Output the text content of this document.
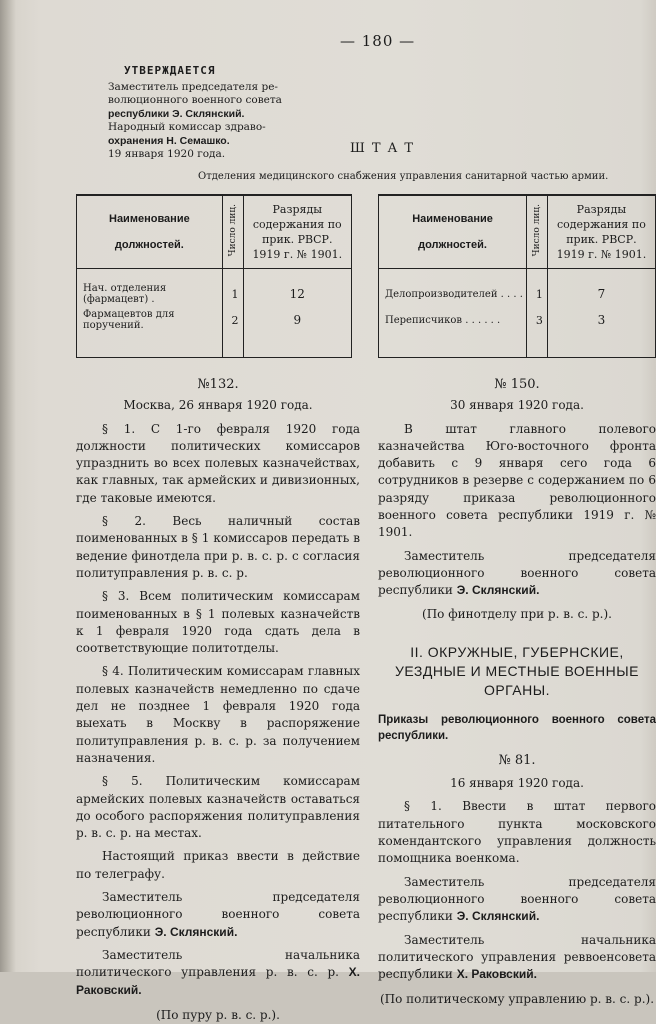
— 180 —
УТВЕРЖДАЕТСЯ
Заместитель председателя ре-
волюционного военного совета
республики Э. Склянский.
Народный комиссар здраво-
охранения Н. Семашко.
19 января 1920 года.	ШТАТ
Отделения медицинского снабжения управления санитарной частью армии.
Наименование должностей.	Число лиц.	Разряды содержания по прик. РВСР. 1919 г. № 1901.

Нач. отделения (фармацевт) .	1	12
Фармацевтов для поручений.	2	9

Наименование должностей.	Число лиц.	Разряды содержания по прик. РВСР. 1919 г. № 1901.

Делопроизводителей . . . .	1	7
Переписчиков . . . . . .	3	3

№132.

Москва, 26 января 1920 года.

§ 1. С 1-го февраля 1920 года должности политических комиссаров упразднить во всех полевых казначействах, как главных, так армейских и дивизионных, где таковые имеются.

§ 2. Весь наличный состав поименованных в § 1 комиссаров передать в ведение финотдела при р. в. с. р. с согласия политуправления р. в. с. р.

§ 3. Всем политическим комиссарам поименованных в § 1 полевых казначейств к 1 февраля 1920 года сдать дела в соответствующие политотделы.

§ 4. Политическим комиссарам главных полевых казначейств немедленно по сдаче дел не позднее 1 февраля 1920 года выехать в Москву в распоряжение политуправления р. в. с. р. за получением назначения.

§ 5. Политическим комиссарам армейских полевых казначейств оставаться до особого распоряжения политуправления р. в. с. р. на местах.

Настоящий приказ ввести в действие по телеграфу.

Заместитель председателя революционного военного совета республики Э. Склянский.

Заместитель начальника политического управления р. в. с. р. Х. Раковский.

(По пуру р. в. с. р.).

№ 150.

30 января 1920 года.

В штат главного полевого казначейства Юго-восточного фронта добавить с 9 января сего года 6 сотрудников в резерве с содержанием по 6 разряду приказа революционного военного совета республики 1919 г. № 1901.

Заместитель председателя революционного военного совета республики Э. Склянский.

(По финотделу при р. в. с. р.).

II. ОКРУЖНЫЕ, ГУБЕРНСКИЕ, УЕЗДНЫЕ И МЕСТНЫЕ ВОЕННЫЕ ОРГАНЫ.

Приказы революционного военного совета республики.

№ 81.

16 января 1920 года.

§ 1. Ввести в штат первого питательного пункта московского комендантского управления должность помощника военкома.

Заместитель председателя революционного военного совета республики Э. Склянский.

Заместитель начальника политического управления реввоенсовета республики Х. Раковский.

(По политическому управлению р. в. с. р.).
